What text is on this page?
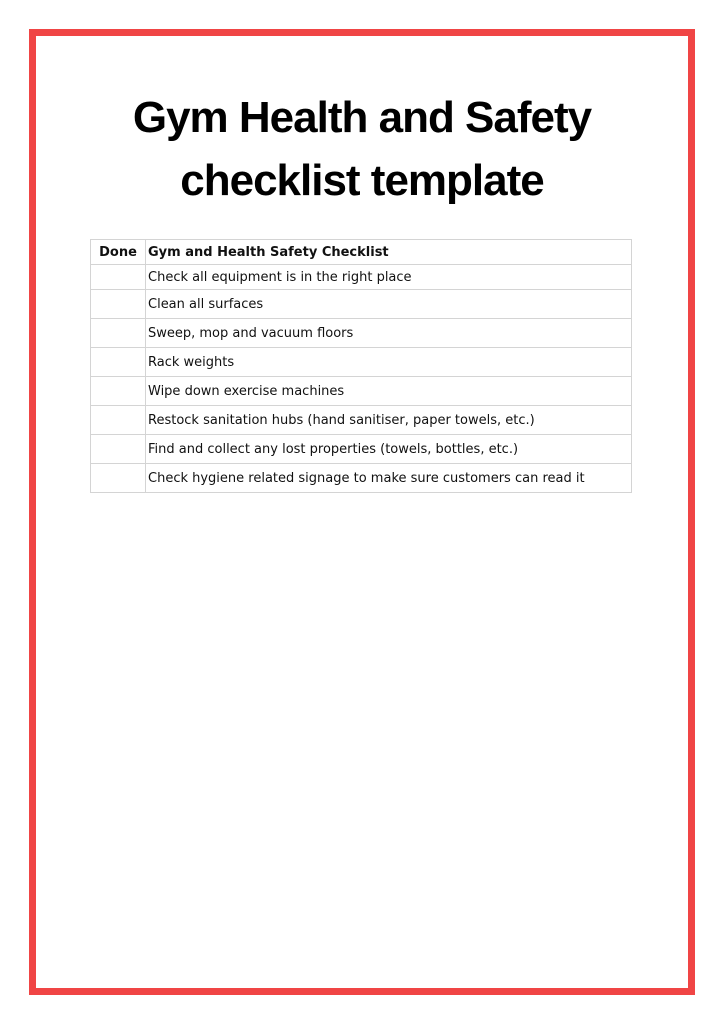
Gym Health and Safety
checklist template
Done	Gym and Health Safety Checklist
	Check all equipment is in the right place
	Clean all surfaces
	Sweep, mop and vacuum floors
	Rack weights
	Wipe down exercise machines
	Restock sanitation hubs (hand sanitiser, paper towels, etc.)
	Find and collect any lost properties (towels, bottles, etc.)
	Check hygiene related signage to make sure customers can read it
